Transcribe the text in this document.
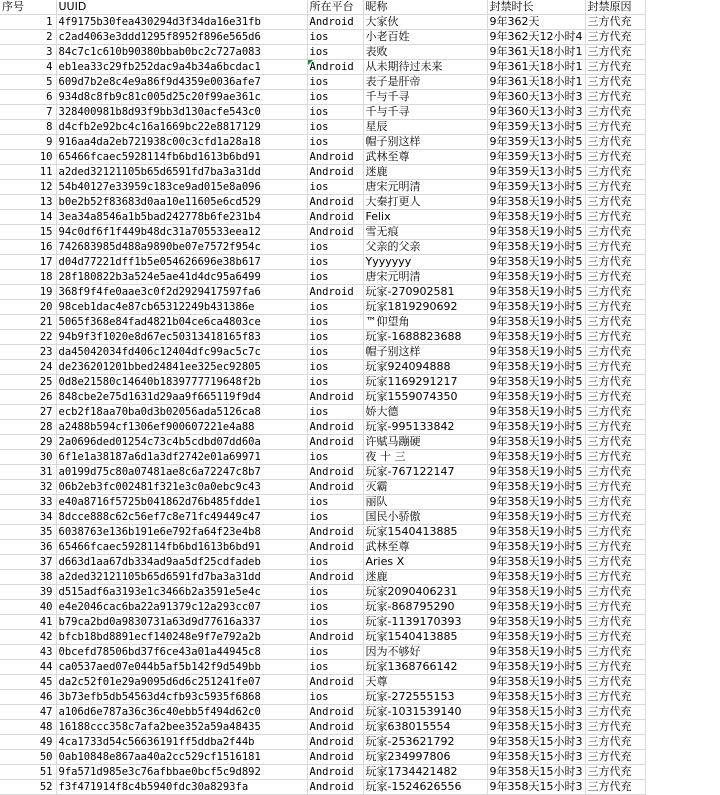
序号	UUID	所在平台	昵称	封禁时长	封禁原因
1	4f9175b30fea430294d3f34da16e31fb	Android	大家伙	9年362天	三方代充
2	c2ad4063e3ddd1295f8952f896e565d6	ios	小老百姓	9年362天12小时4	三方代充
3	84c7c1c610b90380bbab0bc2c727a083	ios	表败	9年361天18小时1	三方代充
4	eb1ea33c29fb252dac9a4b34a6bcdac1	Android	从未期待过未来	9年361天18小时1	三方代充
5	609d7b2e8c4e9a86f9d4359e0036afe7	ios	表子是肝帝	9年361天18小时1	三方代充
6	934d8c8fb9c81c005d25c20f99ae361c	ios	千与千寻	9年360天13小时3	三方代充
7	328400981b8d93f9bb3d130acfe543c0	ios	千与千寻	9年360天13小时3	三方代充
8	d4cfb2e92bc4c16a1669bc22e8817129	ios	星辰	9年359天13小时5	三方代充
9	916aa4da2eb721938c00c3cfd1a28a18	ios	帽子别这样	9年359天13小时5	三方代充
10	65466fcaec5928114fb6bd1613b6bd91	Android	武林至尊	9年359天13小时5	三方代充
11	a2ded32121105b65d6591fd7ba3a31dd	Android	迷鹿	9年359天13小时5	三方代充
12	54b40127e33959c183ce9ad015e8a096	ios	唐宋元明清	9年359天13小时5	三方代充
13	b0e2b52f83683d0aa10e11605e6cd529	Android	大秦打更人	9年358天19小时5	三方代充
14	3ea34a8546a1b5bad242778b6fe231b4	Android	Felix	9年358天19小时5	三方代充
15	94c0df6f1f449b48dc31a705533eea12	Android	雪无痕	9年358天19小时5	三方代充
16	742683985d488a9890be07e7572f954c	ios	父亲的父亲	9年358天19小时5	三方代充
17	d04d77221dff1b5e054626696e38b617	ios	Yyyyyyy	9年358天19小时5	三方代充
18	28f180822b3a524e5ae41d4dc95a6499	ios	唐宋元明清	9年358天19小时5	三方代充
19	368f9f4fe0aae3c0f2d2929417597fa6	Android	玩家-270902581	9年358天19小时5	三方代充
20	98ceb1dac4e87cb65312249b431386e	ios	玩家1819290692	9年358天19小时5	三方代充
21	5065f368e84fad4821b04ce6ca4803ce	ios	™仰望角	9年358天19小时5	三方代充
22	94b9f3f1020e8d67ec50313418165f83	ios	玩家-1688823688	9年358天19小时5	三方代充
23	da45042034fd406c12404dfc99ac5c7c	ios	帽子别这样	9年358天19小时5	三方代充
24	de236201201bbed24841ee325ec92805	ios	玩家924094888	9年358天19小时5	三方代充
25	0d8e21580c14640b1839777719648f2b	ios	玩家1169291217	9年358天19小时5	三方代充
26	848cbe2e75d1631d29aa9f665119f9d4	Android	玩家1559074350	9年358天19小时5	三方代充
27	ecb2f18aa70ba0d3b02056ada5126ca8	ios	娇大德	9年358天19小时5	三方代充
28	a2488b594cf1306ef900607221e4a88	Android	玩家-995133842	9年358天19小时5	三方代充
29	2a0696ded01254c73c4b5cdbd07dd60a	Android	许赋马蹦硬	9年358天19小时5	三方代充
30	6f1e1a38187a6d1a3df2742e01a69971	ios	夜 十 三	9年358天19小时5	三方代充
31	a0199d75c80a07481ae8c6a72247c8b7	Android	玩家-767122147	9年358天19小时5	三方代充
32	06b2eb3fc002481f321e3c0a0ebc9c43	Android	灭霸	9年358天19小时5	三方代充
33	e40a8716f5725b041862d76b485fdde1	ios	丽队	9年358天19小时5	三方代充
34	8dcce888c62c56ef7c8e71fc49449c47	ios	国民小骄傲	9年358天19小时5	三方代充
35	6038763e136b191e6e792fa64f23e4b8	Android	玩家1540413885	9年358天19小时5	三方代充
36	65466fcaec5928114fb6bd1613b6bd91	Android	武林至尊	9年358天19小时5	三方代充
37	d663d1aa67db334ad9aa5df25cdfadeb	ios	Aries X	9年358天19小时5	三方代充
38	a2ded32121105b65d6591fd7ba3a31dd	Android	迷鹿	9年358天19小时5	三方代充
39	d515adf6a3193e1c3466b2a3591e5e4c	ios	玩家2090406231	9年358天19小时5	三方代充
40	e4e2046cac6ba22a91379c12a293cc07	ios	玩家-868795290	9年358天19小时5	三方代充
41	b79ca2bd0a9830731a63d9d77616a337	ios	玩家-1139170393	9年358天19小时5	三方代充
42	bfcb18bd8891ecf140248e9f7e792a2b	Android	玩家1540413885	9年358天19小时5	三方代充
43	0bcefd78506bd37f6ce43a01a44945c8	ios	因为不够好	9年358天19小时5	三方代充
44	ca0537aed07e044b5af5b142f9d549bb	ios	玩家1368766142	9年358天19小时5	三方代充
45	da2c52f01e29a9095d6d6c251241fe07	Android	天尊	9年358天19小时5	三方代充
46	3b73efb5db54563d4cfb93c5935f6868	ios	玩家-272555153	9年358天15小时3	三方代充
47	a106d6e787a36c36c40ebb5f494d62c0	Android	玩家-1031539140	9年358天15小时3	三方代充
48	16188ccc358c7afa2bee352a59a48435	Android	玩家638015554	9年358天15小时3	三方代充
49	4ca1733d54c56636191ff5ddba2f44b	Android	玩家-253621792	9年358天15小时3	三方代充
50	0ab10848e867aa40a2cc529cf1516181	Android	玩家234997806	9年358天15小时3	三方代充
51	9fa571d985e3c76afbbae0bcf5c9d892	Android	玩家1734421482	9年358天15小时3	三方代充
52	f3f471914f8c4b5940fdc30a8293fa	Android	玩家-1524626556	9年358天15小时3	三方代充
